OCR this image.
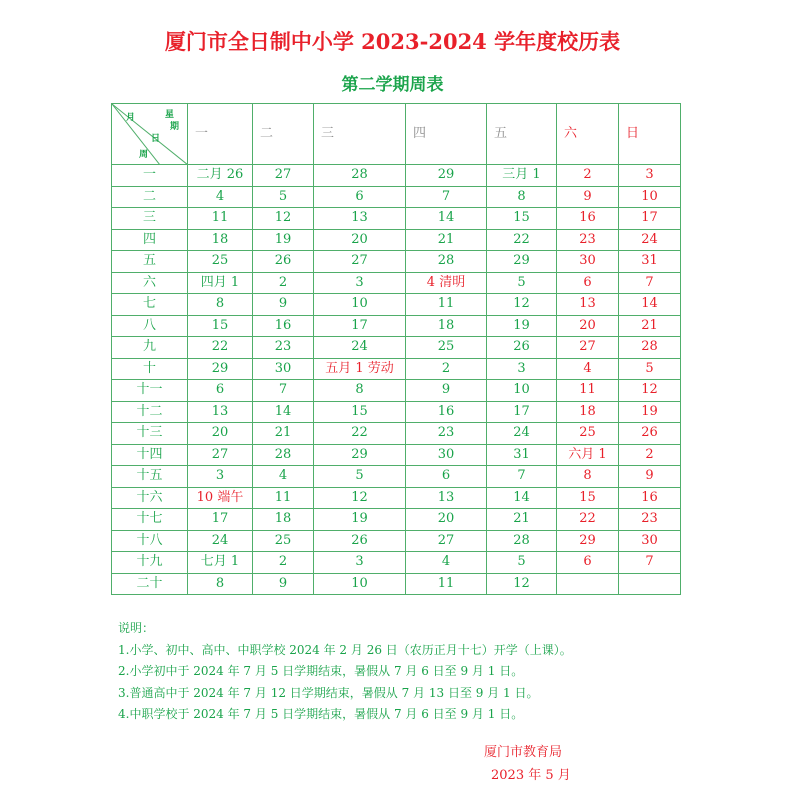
厦门市全日制中小学 2023-2024 学年度校历表
第二学期周表
月 星
期
日
周	一	二	三	四	五	六	日
一	二月 26	27	28	29	三月 1	2	3
二	4	5	6	7	8	9	10
三	11	12	13	14	15	16	17
四	18	19	20	21	22	23	24
五	25	26	27	28	29	30	31
六	四月 1	2	3	4 清明	5	6	7
七	8	9	10	11	12	13	14
八	15	16	17	18	19	20	21
九	22	23	24	25	26	27	28
十	29	30	五月 1 劳动	2	3	4	5
十一	6	7	8	9	10	11	12
十二	13	14	15	16	17	18	19
十三	20	21	22	23	24	25	26
十四	27	28	29	30	31	六月 1	2
十五	3	4	5	6	7	8	9
十六	10 端午	11	12	13	14	15	16
十七	17	18	19	20	21	22	23
十八	24	25	26	27	28	29	30
十九	七月 1	2	3	4	5	6	7
二十	8	9	10	11	12		
说明：
1.小学、初中、高中、中职学校 2024 年 2 月 26 日（农历正月十七）开学（上课）。
2.小学初中于 2024 年 7 月 5 日学期结束，暑假从 7 月 6 日至 9 月 1 日。
3.普通高中于 2024 年 7 月 12 日学期结束，暑假从 7 月 13 日至 9 月 1 日。
4.中职学校于 2024 年 7 月 5 日学期结束，暑假从 7 月 6 日至 9 月 1 日。
厦门市教育局
2023 年 5 月
